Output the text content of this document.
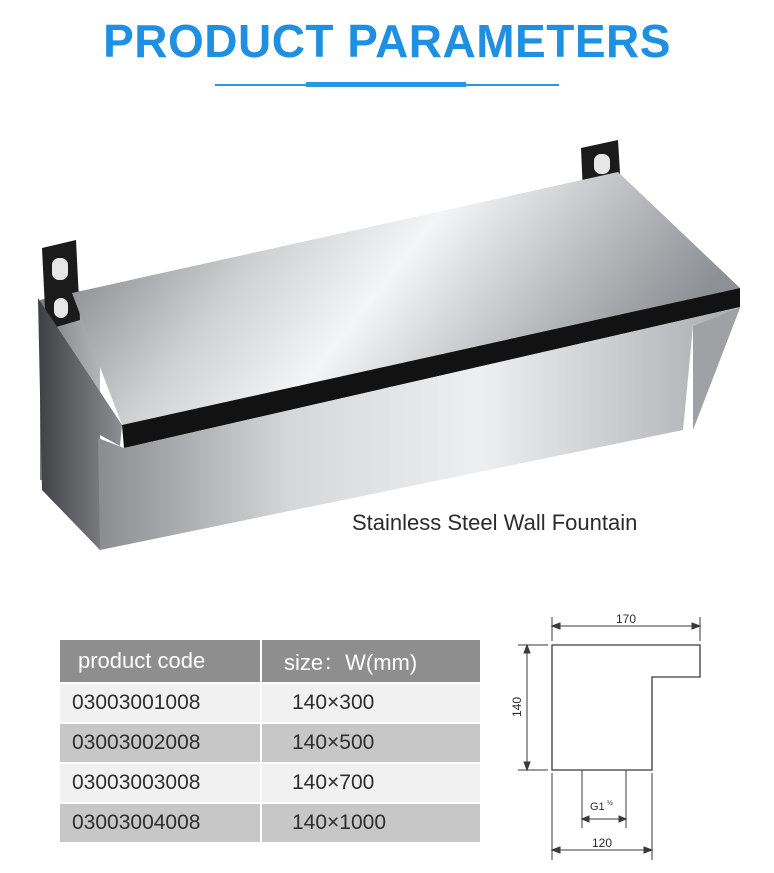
PRODUCT PARAMETERS
Stainless Steel Wall Fountain
product code	size：W(mm)
03003001008	140×300
03003002008	140×500
03003003008	140×700
03003004008	140×1000
170
140
G1 ½
120
